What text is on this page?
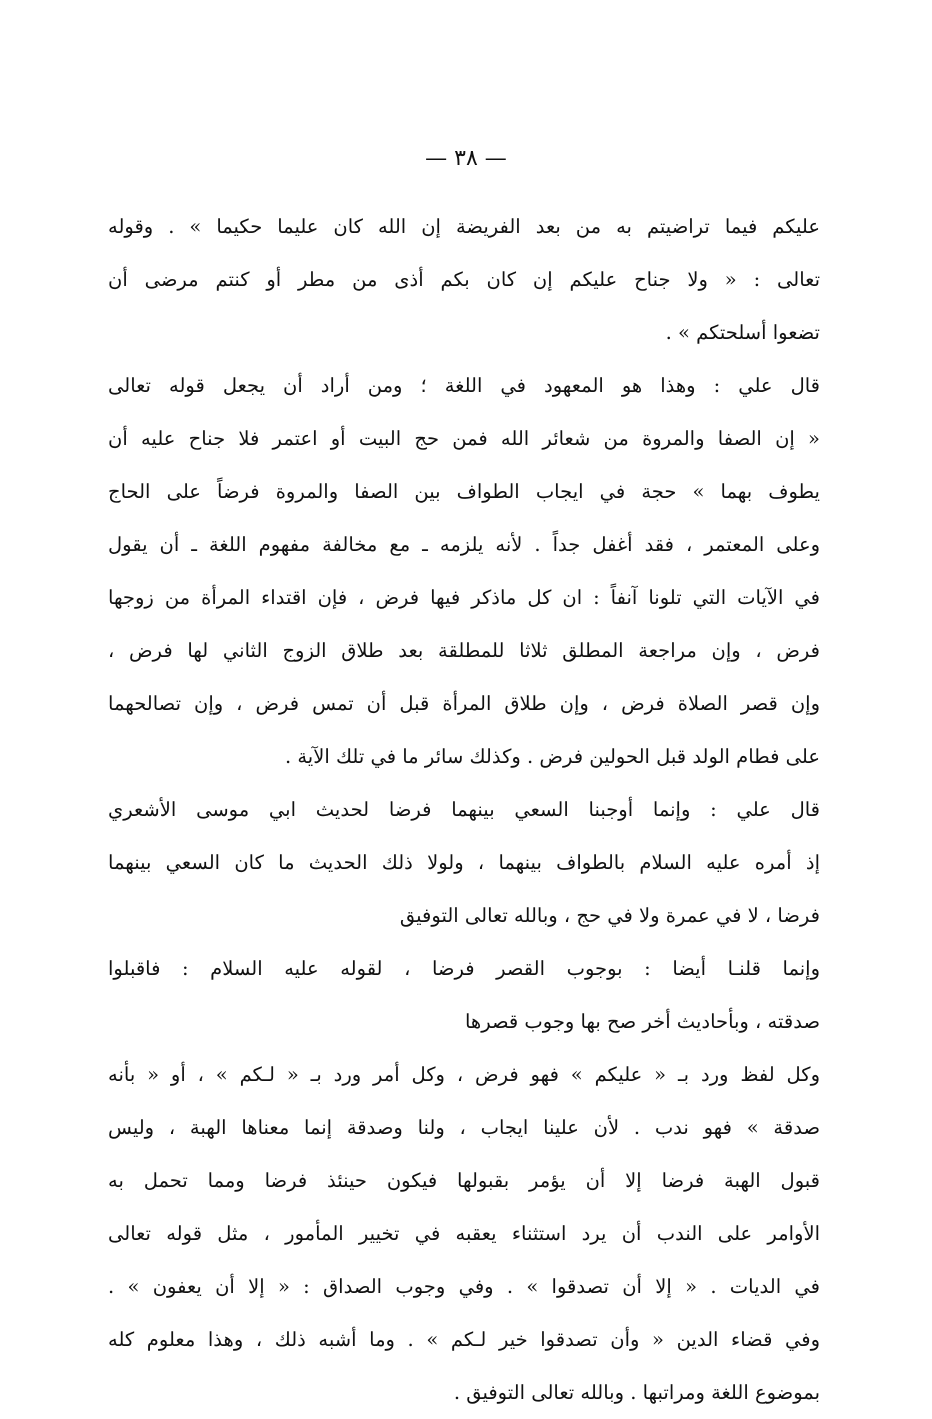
— ٣٨ —
عليكم فيما تراضيتم به من بعد الفريضة إن الله كان عليما حكيما » . وقوله
تعالى : « ولا جناح عليكم إن كان بكم أذى من مطر أو كنتم مرضى أن
تضعوا أسلحتكم » .
قال علي : وهذا هو المعهود في اللغة ؛ ومن أراد أن يجعل قوله تعالى
« إن الصفا والمروة من شعائر الله فمن حج البيت أو اعتمر فلا جناح عليه أن
يطوف بهما » حجة في ايجاب الطواف بين الصفا والمروة فرضاً على الحاج
وعلى المعتمر ، فقد أغفل جداً . لأنه يلزمه ـ مع مخالفة مفهوم اللغة ـ أن يقول
في الآيات التي تلونا آنفاً : ان كل ماذكر فيها فرض ، فإن اقتداء المرأة من زوجها
فرض ، وإن مراجعة المطلق ثلاثا للمطلقة بعد طلاق الزوج الثاني لها فرض ،
وإن قصر الصلاة فرض ، وإن طلاق المرأة قبل أن تمس فرض ، وإن تصالحهما
على فطام الولد قبل الحولين فرض . وكذلك سائر ما في تلك الآية .
قال علي : وإنما أوجبنا السعي بينهما فرضا لحديث ابي موسى الأشعري
إذ أمره عليه السلام بالطواف بينهما ، ولولا ذلك الحديث ما كان السعي بينهما
فرضا ، لا في عمرة ولا في حج ، وبالله تعالى التوفيق
وإنما قلنـا أيضا : بوجوب القصر فرضا ، لقوله عليه السلام : فاقبلوا
صدقته ، وبأحاديث أخر صح بها وجوب قصرها
وكل لفظ ورد بـ « عليكم » فهو فرض ، وكل أمر ورد بـ « لـكم » ، أو « بأنه
صدقة » فهو ندب . لأن علينا ايجاب ، ولنا وصدقة إنما معناها الهبة ، وليس
قبول الهبة فرضا إلا أن يؤمر بقبولها فيكون حينئذ فرضا ومما تحمل به
الأوامر على الندب أن يرد استثناء يعقبه في تخيير المأمور ، مثل قوله تعالى
في الديات . « إلا أن تصدقوا » . وفي وجوب الصداق : « إلا أن يعفون » .
وفي قضاء الدين « وأن تصدقوا خير لـكم » . وما أشبه ذلك ، وهذا معلوم كله
بموضوع اللغة ومراتبها . وبالله تعالى التوفيق .
